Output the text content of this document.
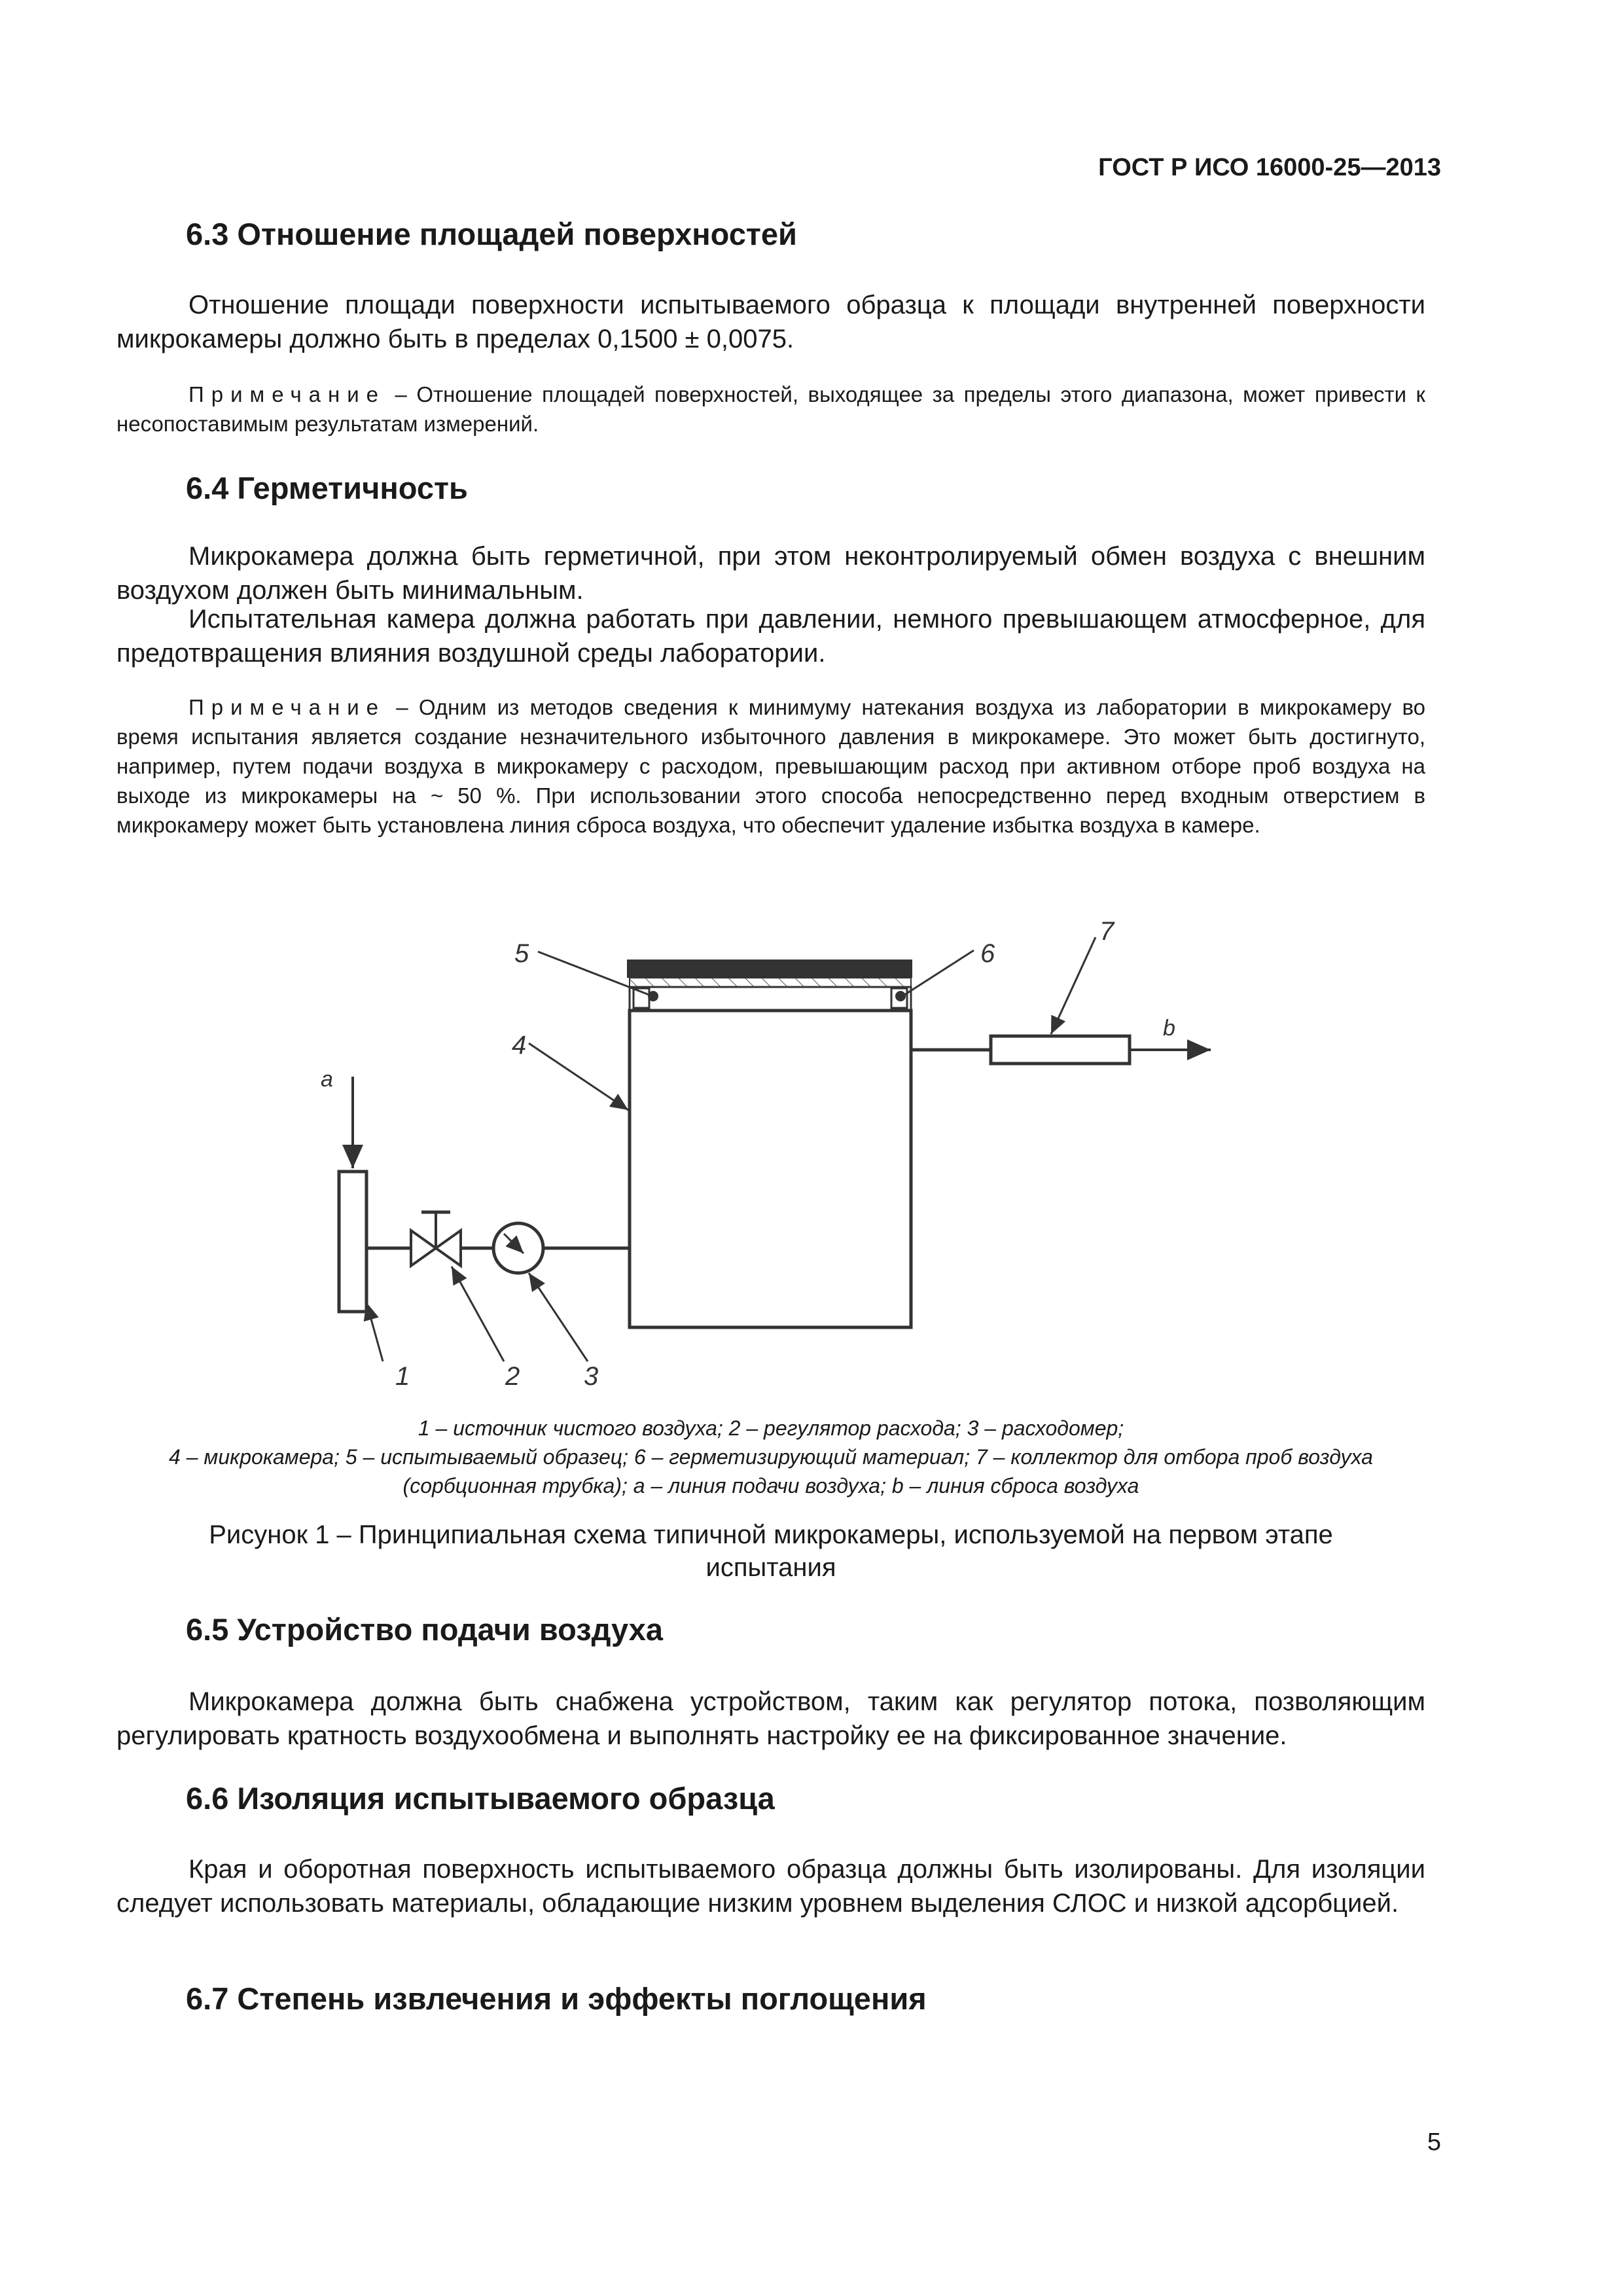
ГОСТ Р ИСО 16000-25—2013
6.3 Отношение площадей поверхностей
Отношение площади поверхности испытываемого образца к площади внутренней поверхности микрокамеры должно быть в пределах 0,1500 ± 0,0075.
Примечание – Отношение площадей поверхностей, выходящее за пределы этого диапазона, может привести к несопоставимым результатам измерений.
6.4 Герметичность
Микрокамера должна быть герметичной, при этом неконтролируемый обмен воздуха с внешним воздухом должен быть минимальным.
Испытательная камера должна работать при давлении, немного превышающем атмосферное, для предотвращения влияния воздушной среды лаборатории.
Примечание – Одним из методов сведения к минимуму натекания воздуха из лаборатории в микрокамеру во время испытания является создание незначительного избыточного давления в микрокамере. Это может быть достигнуто, например, путем подачи воздуха в микрокамеру с расходом, превышающим расход при активном отборе проб воздуха на выходе из микрокамеры на ~ 50 %. При использовании этого способа непосредственно перед входным отверстием в микрокамеру может быть установлена линия сброса воздуха, что обеспечит удаление избытка воздуха в камере.
a
b
1	2 3
4
5	6
7
1 – источник чистого воздуха; 2 – регулятор расхода; 3 – расходомер;
4 – микрокамера; 5 – испытываемый образец; 6 – герметизирующий материал; 7 – коллектор для отбора проб воздуха
(сорбционная трубка); a – линия подачи воздуха; b – линия сброса воздуха
Рисунок 1 – Принципиальная схема типичной микрокамеры, используемой на первом этапе испытания
6.5 Устройство подачи воздуха
Микрокамера должна быть снабжена устройством, таким как регулятор потока, позволяющим регулировать кратность воздухообмена и выполнять настройку ее на фиксированное значение.
6.6 Изоляция испытываемого образца
Края и оборотная поверхность испытываемого образца должны быть изолированы. Для изоляции следует использовать материалы, обладающие низким уровнем выделения СЛОС и низкой адсорбцией.
6.7 Степень извлечения и эффекты поглощения
5
